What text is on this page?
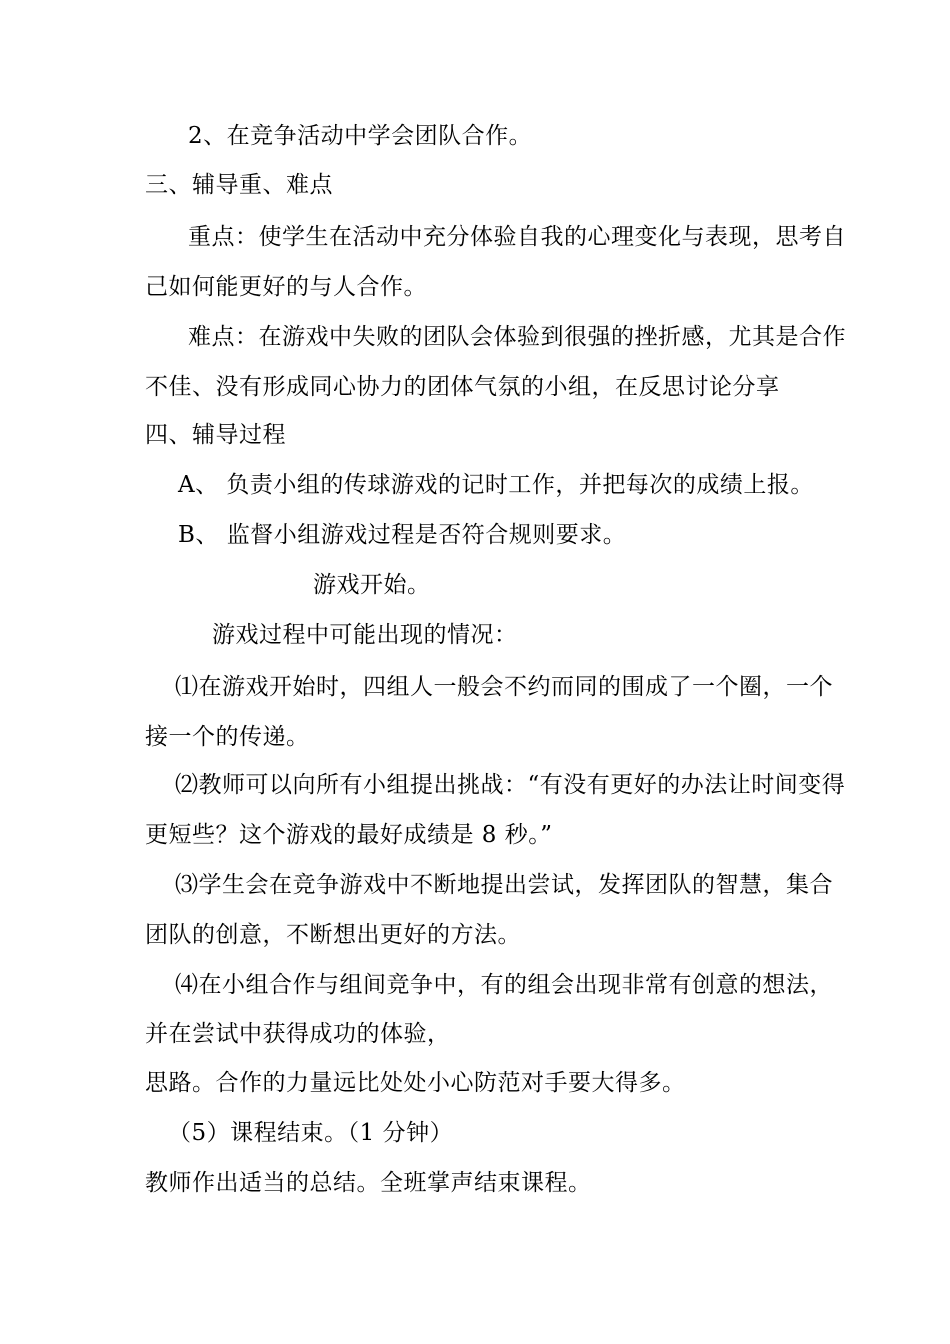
2、在竞争活动中学会团队合作。
三、辅导重、难点
重点：使学生在活动中充分体验自我的心理变化与表现，思考自
己如何能更好的与人合作。
难点：在游戏中失败的团队会体验到很强的挫折感，尤其是合作
不佳、没有形成同心协力的团体气氛的小组，在反思讨论分享
四、辅导过程
A、 负责小组的传球游戏的记时工作，并把每次的成绩上报。
B、 监督小组游戏过程是否符合规则要求。
游戏开始。
游戏过程中可能出现的情况：
⑴在游戏开始时，四组人一般会不约而同的围成了一个圈，一个
接一个的传递。
⑵教师可以向所有小组提出挑战：“有没有更好的办法让时间变得
更短些？这个游戏的最好成绩是 8 秒。”
⑶学生会在竞争游戏中不断地提出尝试，发挥团队的智慧，集合
团队的创意，不断想出更好的方法。
⑷在小组合作与组间竞争中，有的组会出现非常有创意的想法，
并在尝试中获得成功的体验，
思路。合作的力量远比处处小心防范对手要大得多。
（5）课程结束。（1 分钟）
教师作出适当的总结。全班掌声结束课程。
